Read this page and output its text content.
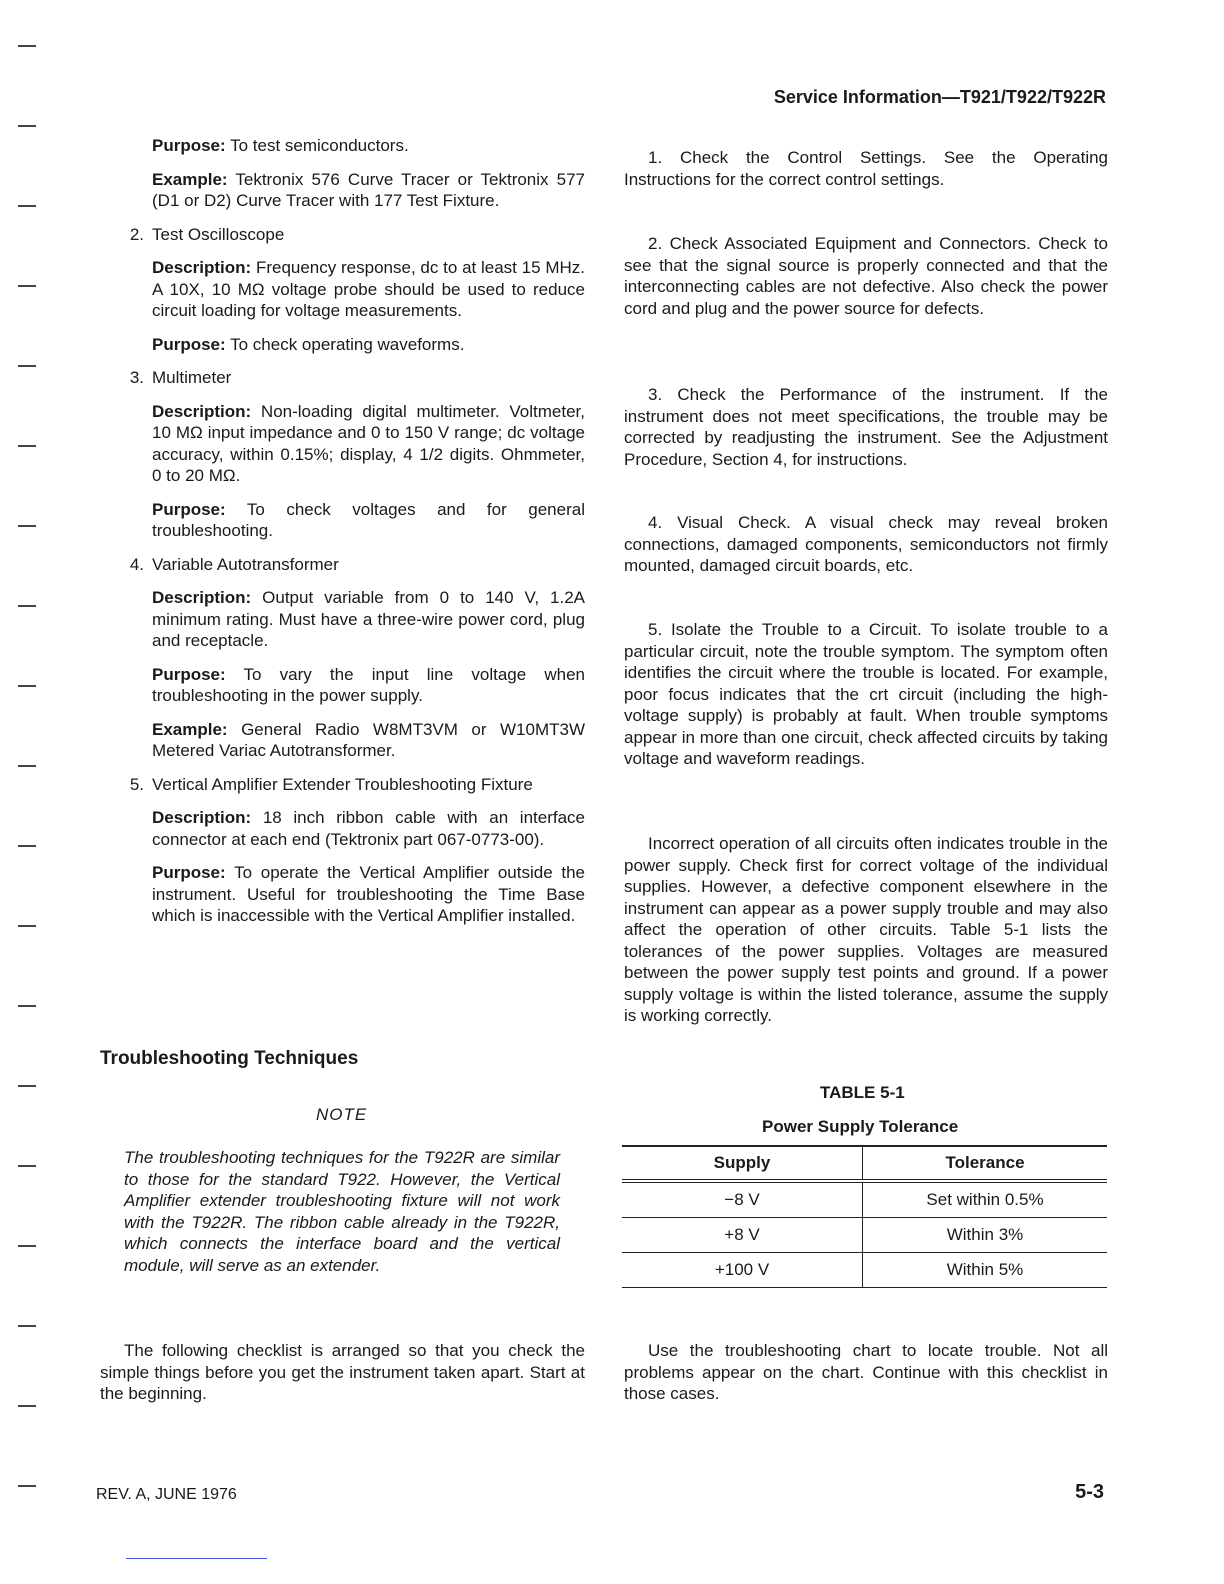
Service Information—T921/T922/T922R

Purpose: To test semiconductors.

Example: Tektronix 576 Curve Tracer or Tektronix 577 (D1 or D2) Curve Tracer with 177 Test Fixture.

2. Test Oscilloscope

Description: Frequency response, dc to at least 15 MHz. A 10X, 10 MΩ voltage probe should be used to reduce circuit loading for voltage measurements.

Purpose: To check operating waveforms.

3. Multimeter

Description: Non-loading digital multimeter. Voltmeter, 10 MΩ input impedance and 0 to 150 V range; dc voltage accuracy, within 0.15%; display, 4 1/2 digits. Ohmmeter, 0 to 20 MΩ.

Purpose: To check voltages and for general troubleshooting.

4. Variable Autotransformer

Description: Output variable from 0 to 140 V, 1.2A minimum rating. Must have a three-wire power cord, plug and receptacle.

Purpose: To vary the input line voltage when troubleshooting in the power supply.

Example: General Radio W8MT3VM or W10MT3W Metered Variac Autotransformer.

5. Vertical Amplifier Extender Troubleshooting Fixture

Description: 18 inch ribbon cable with an interface connector at each end (Tektronix part 067-0773-00).

Purpose: To operate the Vertical Amplifier outside the instrument. Useful for troubleshooting the Time Base which is inaccessible with the Vertical Amplifier installed.

Troubleshooting Techniques
NOTE
The troubleshooting techniques for the T922R are similar to those for the standard T922. However, the Vertical Amplifier extender troubleshooting fixture will not work with the T922R. The ribbon cable already in the T922R, which connects the interface board and the vertical module, will serve as an extender.
The following checklist is arranged so that you check the simple things before you get the instrument taken apart. Start at the beginning.

1. Check the Control Settings. See the Operating Instructions for the correct control settings.

2. Check Associated Equipment and Connectors. Check to see that the signal source is properly connected and that the interconnecting cables are not defective. Also check the power cord and plug and the power source for defects.

3. Check the Performance of the instrument. If the instrument does not meet specifications, the trouble may be corrected by readjusting the instrument. See the Adjustment Procedure, Section 4, for instructions.

4. Visual Check. A visual check may reveal broken connections, damaged components, semiconductors not firmly mounted, damaged circuit boards, etc.

5. Isolate the Trouble to a Circuit. To isolate trouble to a particular circuit, note the trouble symptom. The symptom often identifies the circuit where the trouble is located. For example, poor focus indicates that the crt circuit (including the high-voltage supply) is probably at fault. When trouble symptoms appear in more than one circuit, check affected circuits by taking voltage and waveform readings.

Incorrect operation of all circuits often indicates trouble in the power supply. Check first for correct voltage of the individual supplies. However, a defective component elsewhere in the instrument can appear as a power supply trouble and may also affect the operation of other circuits. Table 5-1 lists the tolerances of the power supplies. Voltages are measured between the power supply test points and ground. If a power supply voltage is within the listed tolerance, assume the supply is working correctly.

TABLE 5-1
Power Supply Tolerance
Supply	Tolerance
−8 V	Set within 0.5%
+8 V	Within 3%
+100 V	Within 5%

Use the troubleshooting chart to locate trouble. Not all problems appear on the chart. Continue with this checklist in those cases.

REV. A, JUNE 1976	5-3
